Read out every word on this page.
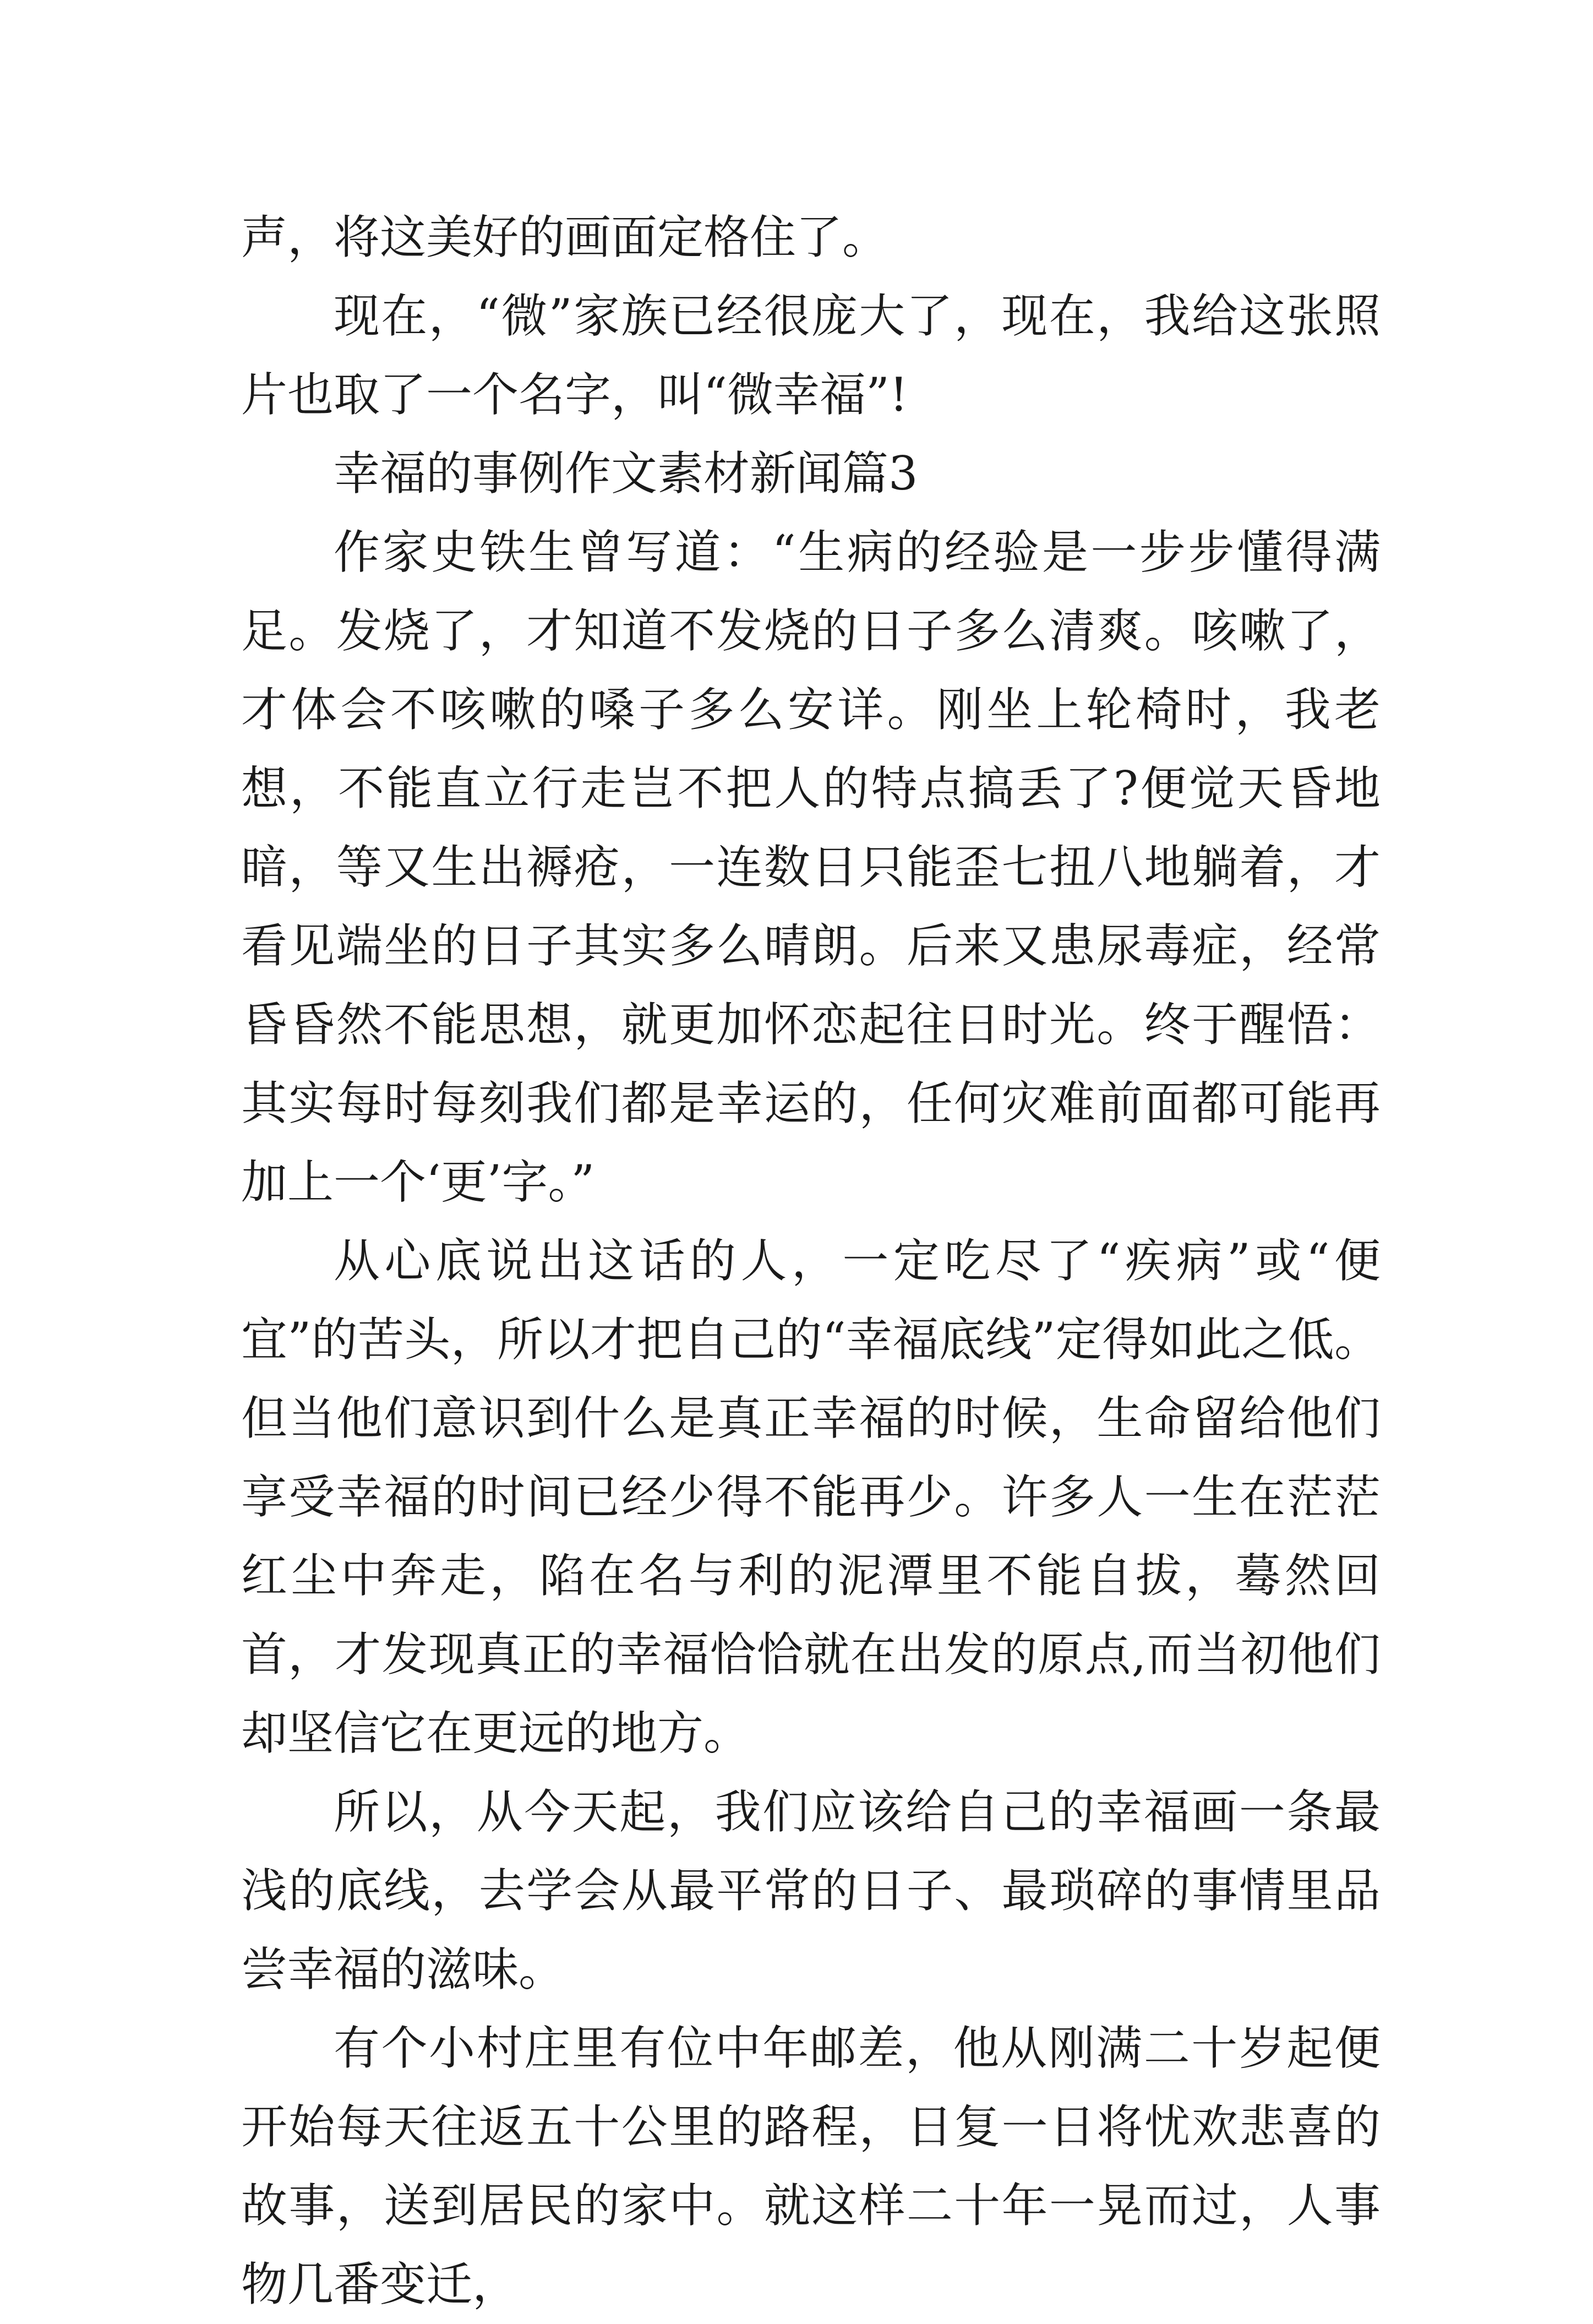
声，将这美好的画面定格住了。

现在，“微”家族已经很庞大了，现在，我给这张照片也取了一个名字，叫“微幸福”!

幸福的事例作文素材新闻篇3

作家史铁生曾写道：“生病的经验是一步步懂得满足。发烧了，才知道不发烧的日子多么清爽。咳嗽了，才体会不咳嗽的嗓子多么安详。刚坐上轮椅时，我老想，不能直立行走岂不把人的特点搞丢了?便觉天昏地暗，等又生出褥疮，一连数日只能歪七扭八地躺着，才看见端坐的日子其实多么晴朗。后来又患尿毒症，经常昏昏然不能思想，就更加怀恋起往日时光。终于醒悟：其实每时每刻我们都是幸运的，任何灾难前面都可能再加上一个‘更’字。”

从心底说出这话的人，一定吃尽了“疾病”或“便宜”的苦头，所以才把自己的“幸福底线”定得如此之低。但当他们意识到什么是真正幸福的时候，生命留给他们享受幸福的时间已经少得不能再少。许多人一生在茫茫红尘中奔走，陷在名与利的泥潭里不能自拔，蓦然回首，才发现真正的幸福恰恰就在出发的原点,而当初他们却坚信它在更远的地方。

所以，从今天起，我们应该给自己的幸福画一条最浅的底线，去学会从最平常的日子、最琐碎的事情里品尝幸福的滋味。

有个小村庄里有位中年邮差，他从刚满二十岁起便开始每天往返五十公里的路程，日复一日将忧欢悲喜的故事，送到居民的家中。就这样二十年一晃而过，人事物几番变迁，
